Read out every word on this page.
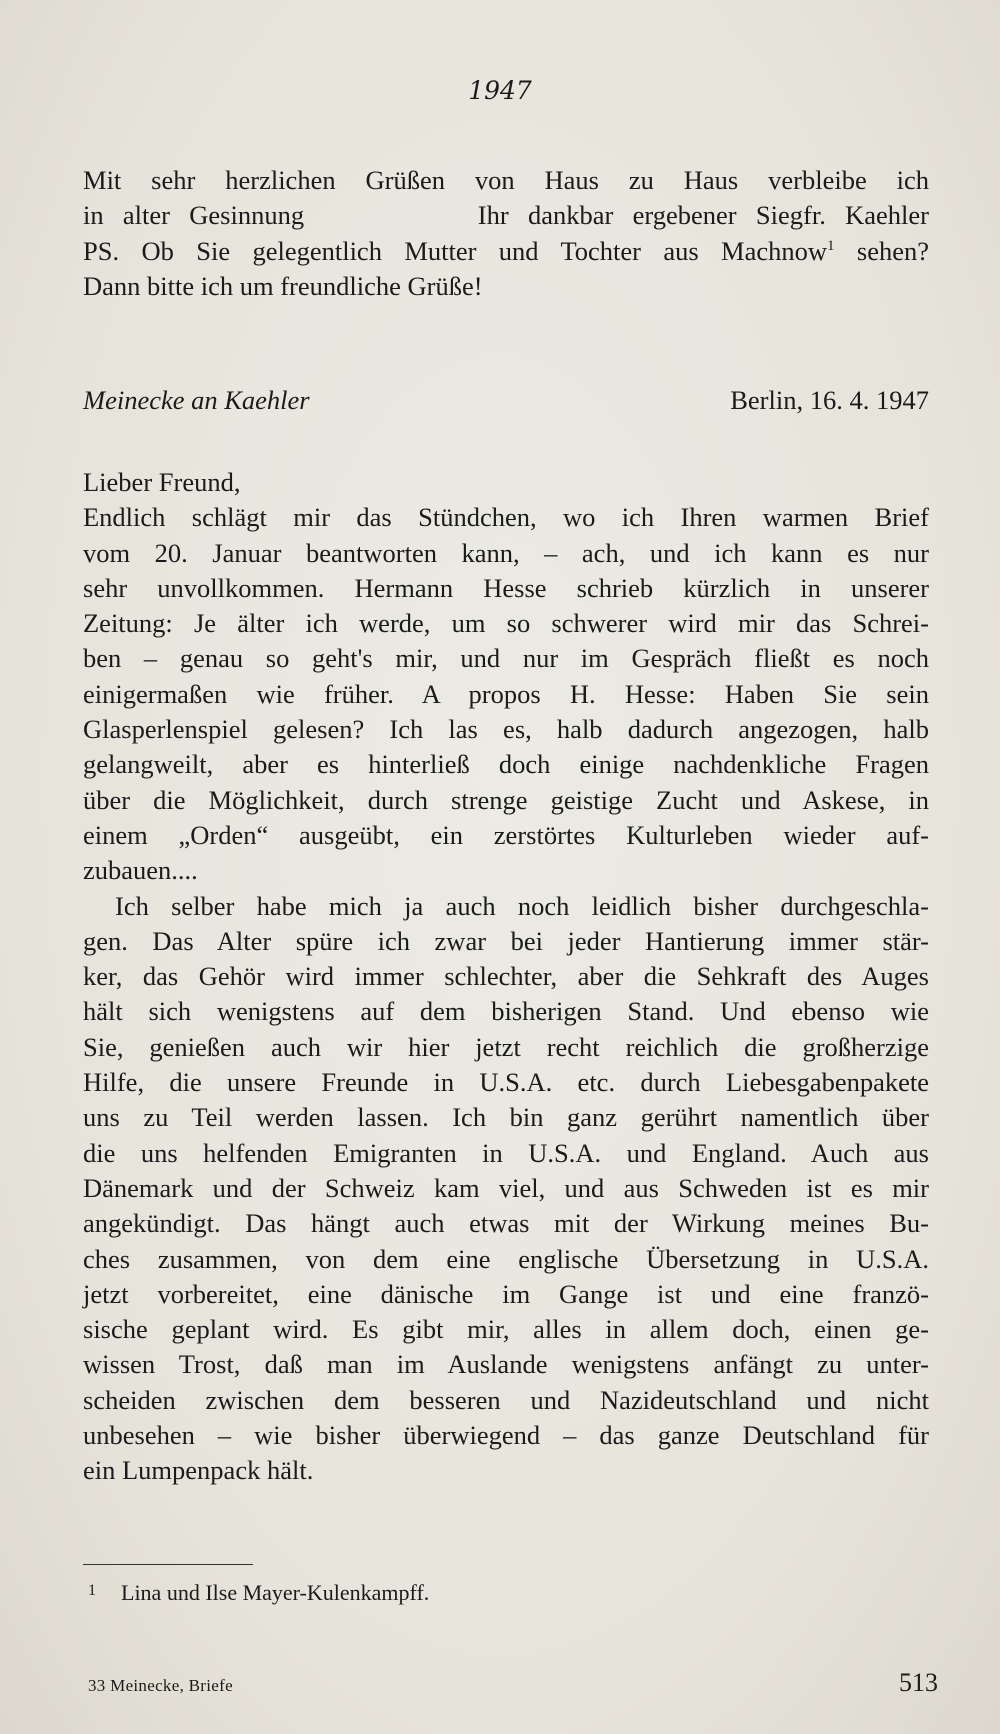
1947
Mit sehr herzlichen Grüßen von Haus zu Haus verbleibe ich
in alter Gesinnung         Ihr dankbar ergebener Siegfr. Kaehler
PS. Ob Sie gelegentlich Mutter und Tochter aus Machnow$^1$ sehen?
Dann bitte ich um freundliche Grüße!
Meinecke an Kaehler	Berlin, 16. 4. 1947
Lieber Freund,
Endlich schlägt mir das Stündchen, wo ich Ihren warmen Brief
vom 20. Januar beantworten kann, – ach, und ich kann es nur
sehr unvollkommen. Hermann Hesse schrieb kürzlich in unserer
Zeitung: Je älter ich werde, um so schwerer wird mir das Schrei-
ben – genau so geht's mir, und nur im Gespräch fließt es noch
einigermaßen wie früher. A propos H. Hesse: Haben Sie sein
Glasperlenspiel gelesen? Ich las es, halb dadurch angezogen, halb
gelangweilt, aber es hinterließ doch einige nachdenkliche Fragen
über die Möglichkeit, durch strenge geistige Zucht und Askese, in
einem „Orden“ ausgeübt, ein zerstörtes Kulturleben wieder auf-
zubauen....
Ich selber habe mich ja auch noch leidlich bisher durchgeschla-
gen. Das Alter spüre ich zwar bei jeder Hantierung immer stär-
ker, das Gehör wird immer schlechter, aber die Sehkraft des Auges
hält sich wenigstens auf dem bisherigen Stand. Und ebenso wie
Sie, genießen auch wir hier jetzt recht reichlich die großherzige
Hilfe, die unsere Freunde in U.S.A. etc. durch Liebesgabenpakete
uns zu Teil werden lassen. Ich bin ganz gerührt namentlich über
die uns helfenden Emigranten in U.S.A. und England. Auch aus
Dänemark und der Schweiz kam viel, und aus Schweden ist es mir
angekündigt. Das hängt auch etwas mit der Wirkung meines Bu-
ches zusammen, von dem eine englische Übersetzung in U.S.A.
jetzt vorbereitet, eine dänische im Gange ist und eine franzö-
sische geplant wird. Es gibt mir, alles in allem doch, einen ge-
wissen Trost, daß man im Auslande wenigstens anfängt zu unter-
scheiden zwischen dem besseren und Nazideutschland und nicht
unbesehen – wie bisher überwiegend – das ganze Deutschland für
ein Lumpenpack hält.
1 Lina und Ilse Mayer-Kulenkampff.
33 Meinecke, Briefe	513
